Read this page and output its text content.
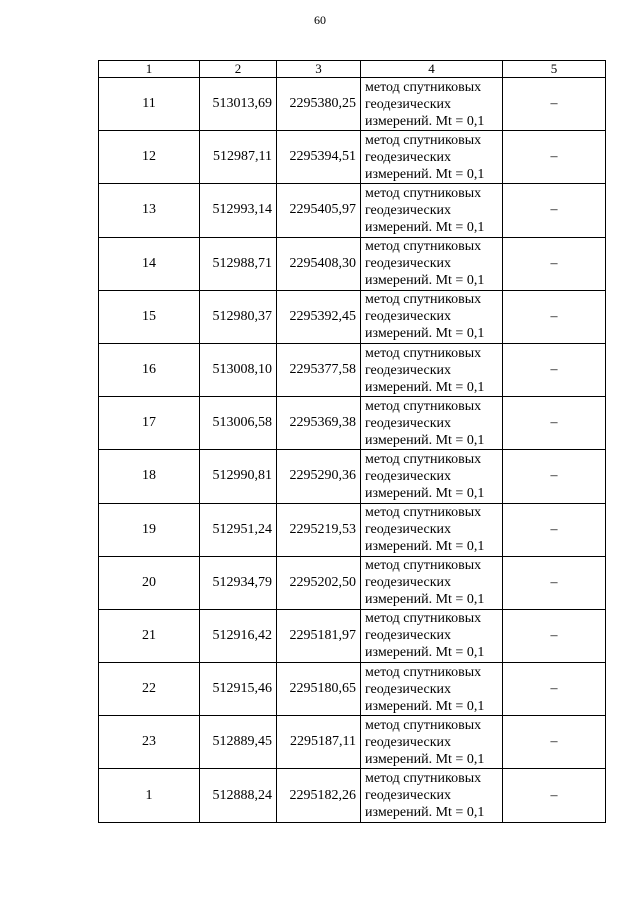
60
1	2	3	4	5
11	513013,69	2295380,25	метод спутниковых
геодезических
измерений. Mt = 0,1	–
12	512987,11	2295394,51	метод спутниковых
геодезических
измерений. Mt = 0,1	–
13	512993,14	2295405,97	метод спутниковых
геодезических
измерений. Mt = 0,1	–
14	512988,71	2295408,30	метод спутниковых
геодезических
измерений. Mt = 0,1	–
15	512980,37	2295392,45	метод спутниковых
геодезических
измерений. Mt = 0,1	–
16	513008,10	2295377,58	метод спутниковых
геодезических
измерений. Mt = 0,1	–
17	513006,58	2295369,38	метод спутниковых
геодезических
измерений. Mt = 0,1	–
18	512990,81	2295290,36	метод спутниковых
геодезических
измерений. Mt = 0,1	–
19	512951,24	2295219,53	метод спутниковых
геодезических
измерений. Mt = 0,1	–
20	512934,79	2295202,50	метод спутниковых
геодезических
измерений. Mt = 0,1	–
21	512916,42	2295181,97	метод спутниковых
геодезических
измерений. Mt = 0,1	–
22	512915,46	2295180,65	метод спутниковых
геодезических
измерений. Mt = 0,1	–
23	512889,45	2295187,11	метод спутниковых
геодезических
измерений. Mt = 0,1	–
1	512888,24	2295182,26	метод спутниковых
геодезических
измерений. Mt = 0,1	–
